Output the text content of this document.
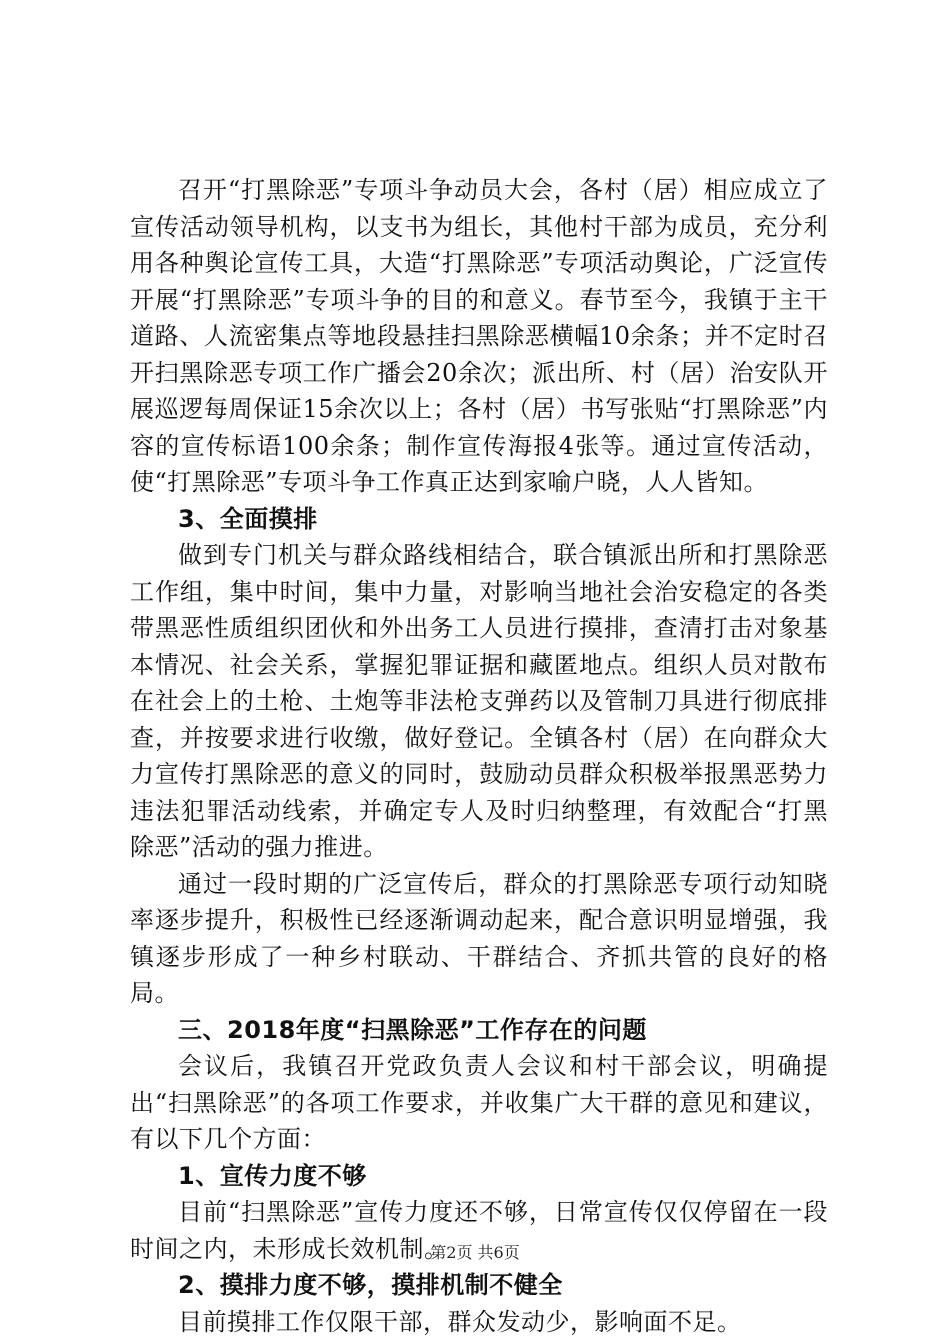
召开“打黑除恶”专项斗争动员大会，各村（居）相应成立了宣传活动领导机构，以支书为组长，其他村干部为成员，充分利用各种舆论宣传工具，大造“打黑除恶”专项活动舆论，广泛宣传开展“打黑除恶”专项斗争的目的和意义。春节至今，我镇于主干道路、人流密集点等地段悬挂扫黑除恶横幅10余条；并不定时召开扫黑除恶专项工作广播会20余次；派出所、村（居）治安队开展巡逻每周保证15余次以上；各村（居）书写张贴“打黑除恶”内容的宣传标语100余条；制作宣传海报4张等。通过宣传活动，使“打黑除恶”专项斗争工作真正达到家喻户晓，人人皆知。

3、全面摸排

做到专门机关与群众路线相结合，联合镇派出所和打黑除恶工作组，集中时间，集中力量，对影响当地社会治安稳定的各类带黑恶性质组织团伙和外出务工人员进行摸排，查清打击对象基本情况、社会关系，掌握犯罪证据和藏匿地点。组织人员对散布在社会上的土枪、土炮等非法枪支弹药以及管制刀具进行彻底排查，并按要求进行收缴，做好登记。全镇各村（居）在向群众大力宣传打黑除恶的意义的同时，鼓励动员群众积极举报黑恶势力违法犯罪活动线索，并确定专人及时归纳整理，有效配合“打黑除恶”活动的强力推进。

通过一段时期的广泛宣传后，群众的打黑除恶专项行动知晓率逐步提升，积极性已经逐渐调动起来，配合意识明显增强，我镇逐步形成了一种乡村联动、干群结合、齐抓共管的良好的格局。

三、2018年度“扫黑除恶”工作存在的问题

会议后，我镇召开党政负责人会议和村干部会议，明确提出“扫黑除恶”的各项工作要求，并收集广大干群的意见和建议，有以下几个方面：

1、宣传力度不够

目前“扫黑除恶”宣传力度还不够，日常宣传仅仅停留在一段时间之内，未形成长效机制。

2、摸排力度不够，摸排机制不健全

目前摸排工作仅限干部，群众发动少，影响面不足。

第2页 共6页
